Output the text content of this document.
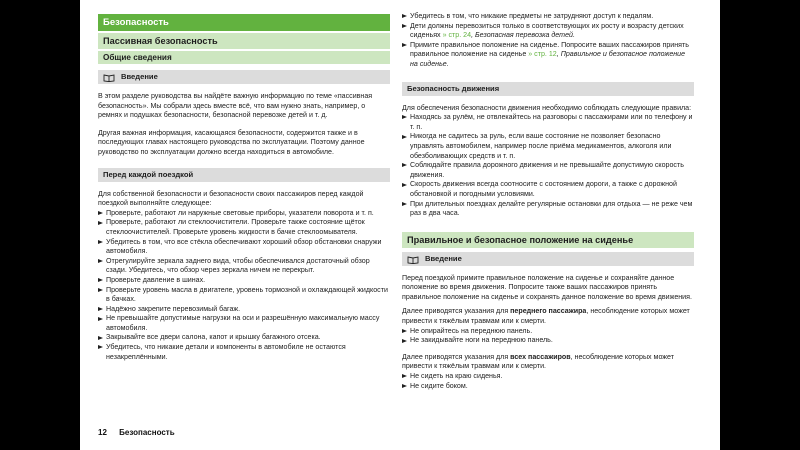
Безопасность
Пассивная безопасность
Общие сведения
Введение

В этом разделе руководства вы найдёте важную информацию по теме «пассивная безопасность». Мы собрали здесь вместе всё, что вам нужно знать, например, о ремнях и подушках безопасности, безопасной перевозке детей и т. д.

Другая важная информация, касающаяся безопасности, содержится также и в последующих главах настоящего руководства по эксплуатации. Поэтому данное руководство по эксплуатации должно всегда находиться в автомобиле.

Перед каждой поездкой

Для собственной безопасности и безопасности своих пассажиров перед каждой поездкой выполняйте следующее:

Проверьте, работают ли наружные световые приборы, указатели поворота и т. п.
Проверьте, работают ли стеклоочистители. Проверьте также состояние щёток стеклоочистителей. Проверьте уровень жидкости в бачке стеклоомывателя.
Убедитесь в том, что все стёкла обеспечивают хороший обзор обстановки снаружи автомобиля.
Отрегулируйте зеркала заднего вида, чтобы обеспечивался достаточный обзор сзади. Убедитесь, что обзор через зеркала ничем не перекрыт.
Проверьте давление в шинах.
Проверьте уровень масла в двигателе, уровень тормозной и охлаждающей жидкости в бачках.
Надёжно закрепите перевозимый багаж.
Не превышайте допустимые нагрузки на оси и разрешённую максимальную массу автомобиля.
Закрывайте все двери салона, капот и крышку багажного отсека.
Убедитесь, что никакие детали и компоненты в автомобиле не остаются незакреплёнными.
Убедитесь в том, что никакие предметы не затрудняют доступ к педалям.
Дети должны перевозиться только в соответствующих их росту и возрасту детских сиденьях » стр. 24, Безопасная перевозка детей.
Примите правильное положение на сиденье. Попросите ваших пассажиров принять правильное положение на сиденье » стр. 12, Правильное и безопасное положение на сиденье.
Безопасность движения

Для обеспечения безопасности движения необходимо соблюдать следующие правила:

Находясь за рулём, не отвлекайтесь на разговоры с пассажирами или по телефону и т. п.
Никогда не садитесь за руль, если ваше состояние не позволяет безопасно управлять автомобилем, например после приёма медикаментов, алкоголя или обезболивающих средств и т. п.
Соблюдайте правила дорожного движения и не превышайте допустимую скорость движения.
Скорость движения всегда соотносите с состоянием дороги, а также с дорожной обстановкой и погодными условиями.
При длительных поездках делайте регулярные остановки для отдыха — не реже чем раз в два часа.
Правильное и безопасное положение на сиденье
Введение

Перед поездкой примите правильное положение на сиденье и сохраняйте данное положение во время движения. Попросите также ваших пассажиров принять правильное положение на сиденье и сохранять данное положение во время движения.

Далее приводятся указания для переднего пассажира, несоблюдение которых может привести к тяжёлым травмам или к смерти.

Не опирайтесь на переднюю панель.
Не закидывайте ноги на переднюю панель.

Далее приводятся указания для всех пассажиров, несоблюдение которых может привести к тяжёлым травмам или к смерти.

Не сидеть на краю сиденья.
Не сидите боком.
12 Безопасность
